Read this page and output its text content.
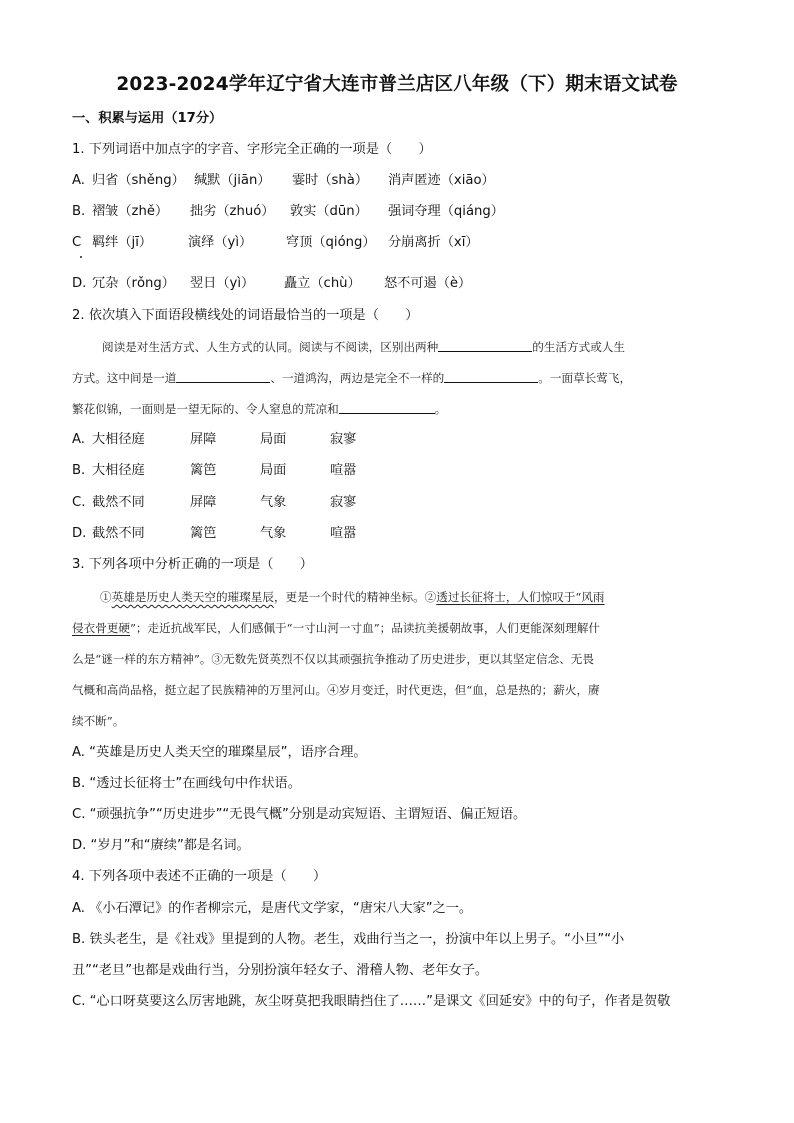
2023-2024学年辽宁省大连市普兰店区八年级（下）期末语文试卷
一、积累与运用（17分）
1. 下列词语中加点字的字音、字形完全正确的一项是（　　）
A. 归省（shěng） 缄默（jiān） 霎时（shà） 消声匿迹（xiāo）
B. 褶皱（zhě） 拙劣（zhuó） 敦实（dūn） 强词夺理（qiáng）
C 羁绊（jī）	演绎（yì）	穹顶（qióng） 分崩离折（xī）
D. 冗杂（rǒng） 翌日（yì） 矗立（chù） 怒不可遏（è）
2. 依次填入下面语段横线处的词语最恰当的一项是（　　）
阅读是对生活方式、人生方式的认同。阅读与不阅读，区别出两种	的生活方式或人生
方式。这中间是一道	、一道鸿沟，两边是完全不一样的	。一面草长莺飞，
繁花似锦，一面则是一望无际的、令人窒息的荒凉和	。
A. 大相径庭	屏障	局面	寂寥
B. 大相径庭	篱笆	局面	喧嚣
C. 截然不同	屏障	气象	寂寥
D. 截然不同	篱笆	气象	喧嚣
3. 下列各项中分析正确的一项是（　　）
①英雄是历史人类天空的璀璨星辰，更是一个时代的精神坐标。②透过长征将士，人们惊叹于“风雨
侵衣骨更硬”；走近抗战军民，人们感佩于“一寸山河一寸血”；品读抗美援朝故事，人们更能深刻理解什
么是“谜一样的东方精神”。③无数先贤英烈不仅以其顽强抗争推动了历史进步，更以其坚定信念、无畏
气概和高尚品格，挺立起了民族精神的万里河山。④岁月变迁，时代更迭，但“血，总是热的；薪火，赓
续不断”。
A. “英雄是历史人类天空的璀璨星辰”，语序合理。
B. “透过长征将士”在画线句中作状语。
C. “顽强抗争”“历史进步”“无畏气概”分别是动宾短语、主谓短语、偏正短语。
D. “岁月”和“赓续”都是名词。
4. 下列各项中表述不正确的一项是（　　）
A. 《小石潭记》的作者柳宗元，是唐代文学家，“唐宋八大家”之一。
B. 铁头老生，是《社戏》里提到的人物。老生，戏曲行当之一，扮演中年以上男子。“小旦”“小
丑”“老旦”也都是戏曲行当，分别扮演年轻女子、滑稽人物、老年女子。
C. “心口呀莫要这么厉害地跳，灰尘呀莫把我眼睛挡住了……”是课文《回延安》中的句子，作者是贺敬
